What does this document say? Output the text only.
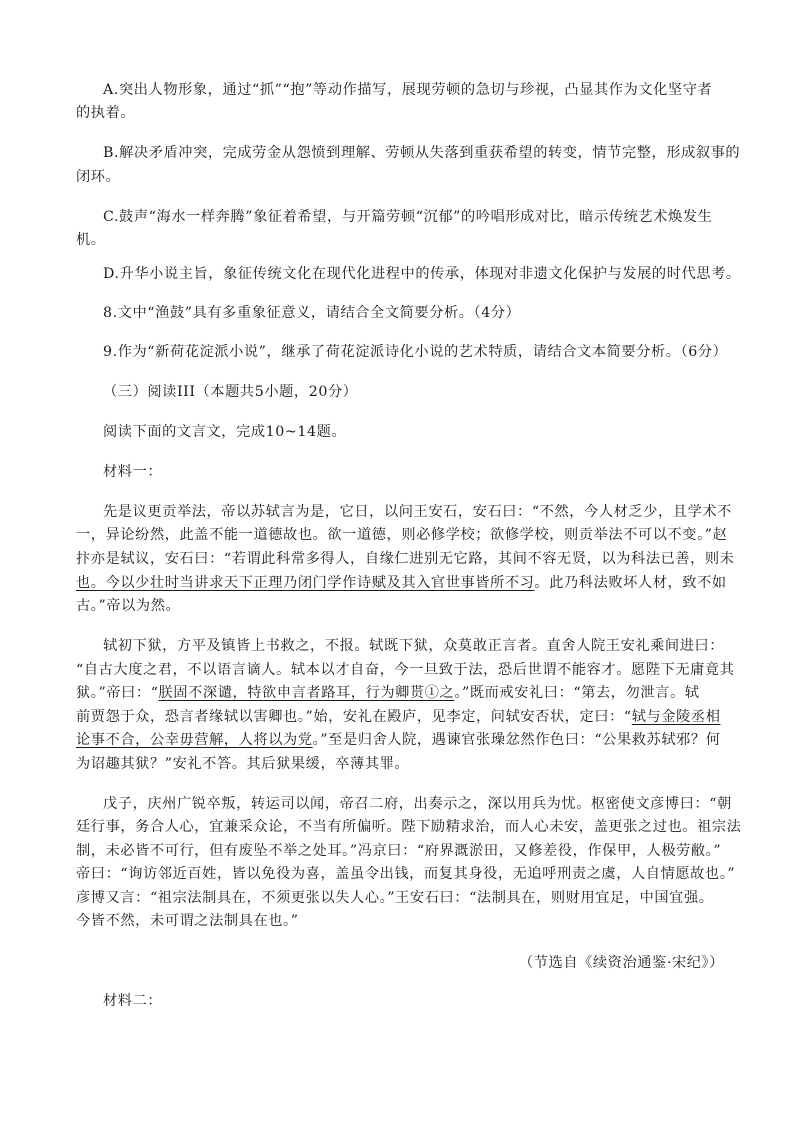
A.突出人物形象，通过“抓”“抱”等动作描写，展现劳顿的急切与珍视，凸显其作为文化坚守者
的执着。
B.解决矛盾冲突，完成劳金从怨愤到理解、劳顿从失落到重获希望的转变，情节完整，形成叙事的
闭环。
C.鼓声“海水一样奔腾”象征着希望，与开篇劳顿“沉郁”的吟唱形成对比，暗示传统艺术焕发生
机。
D.升华小说主旨，象征传统文化在现代化进程中的传承，体现对非遗文化保护与发展的时代思考。
8.文中“渔鼓”具有多重象征意义，请结合全文简要分析。（4分）
9.作为“新荷花淀派小说”，继承了荷花淀派诗化小说的艺术特质，请结合文本简要分析。（6分）
（三）阅读III（本题共5小题，20分）
阅读下面的文言文，完成10~14题。
材料一：
先是议更贡举法，帝以苏轼言为是，它日，以问王安石，安石曰：“不然，今人材乏少，且学术不
一，异论纷然，此盖不能一道德故也。欲一道德，则必修学校；欲修学校，则贡举法不可以不变。”赵
抃亦是轼议，安石曰：“若谓此科常多得人，自缘仁进别无它路，其间不容无贤，以为科法已善，则未
也。今以少壮时当讲求天下正理乃闭门学作诗赋及其入官世事皆所不习。此乃科法败坏人材，致不如
古。”帝以为然。
轼初下狱，方平及镇皆上书救之，不报。轼既下狱，众莫敢正言者。直舍人院王安礼乘间进曰：
“自古大度之君，不以语言谪人。轼本以才自奋，今一旦致于法，恐后世谓不能容才。愿陛下无庸竟其
狱。”帝曰：“朕固不深谴，特欲申言者路耳，行为卿贳①之。”既而戒安礼曰：“第去，勿泄言。轼
前贾怨于众，恐言者缘轼以害卿也。”始，安礼在殿庐，见李定，问轼安否状，定曰：“轼与金陵丞相
论事不合，公幸毋营解，人将以为党。”至是归舍人院，遇谏官张璪忿然作色曰：“公果救苏轼邪？何
为诏趣其狱？”安礼不答。其后狱果缓，卒薄其罪。
戊子，庆州广锐卒叛，转运司以闻，帝召二府，出奏示之，深以用兵为忧。枢密使文彦博曰：“朝
廷行事，务合人心，宜兼采众论，不当有所偏听。陛下励精求治，而人心未安，盖更张之过也。祖宗法
制，未必皆不可行，但有废坠不举之处耳。”冯京曰：“府界溉淤田，又修差役，作保甲，人极劳敝。”
帝曰：“询访邻近百姓，皆以免役为喜，盖虽令出钱，而复其身役，无追呼刑责之虞，人自情愿故也。”
彦博又言：“祖宗法制具在，不须更张以失人心。”王安石曰：“法制具在，则财用宜足，中国宜强。
今皆不然，未可谓之法制具在也。”
（节选自《续资治通鉴·宋纪》）
材料二：
